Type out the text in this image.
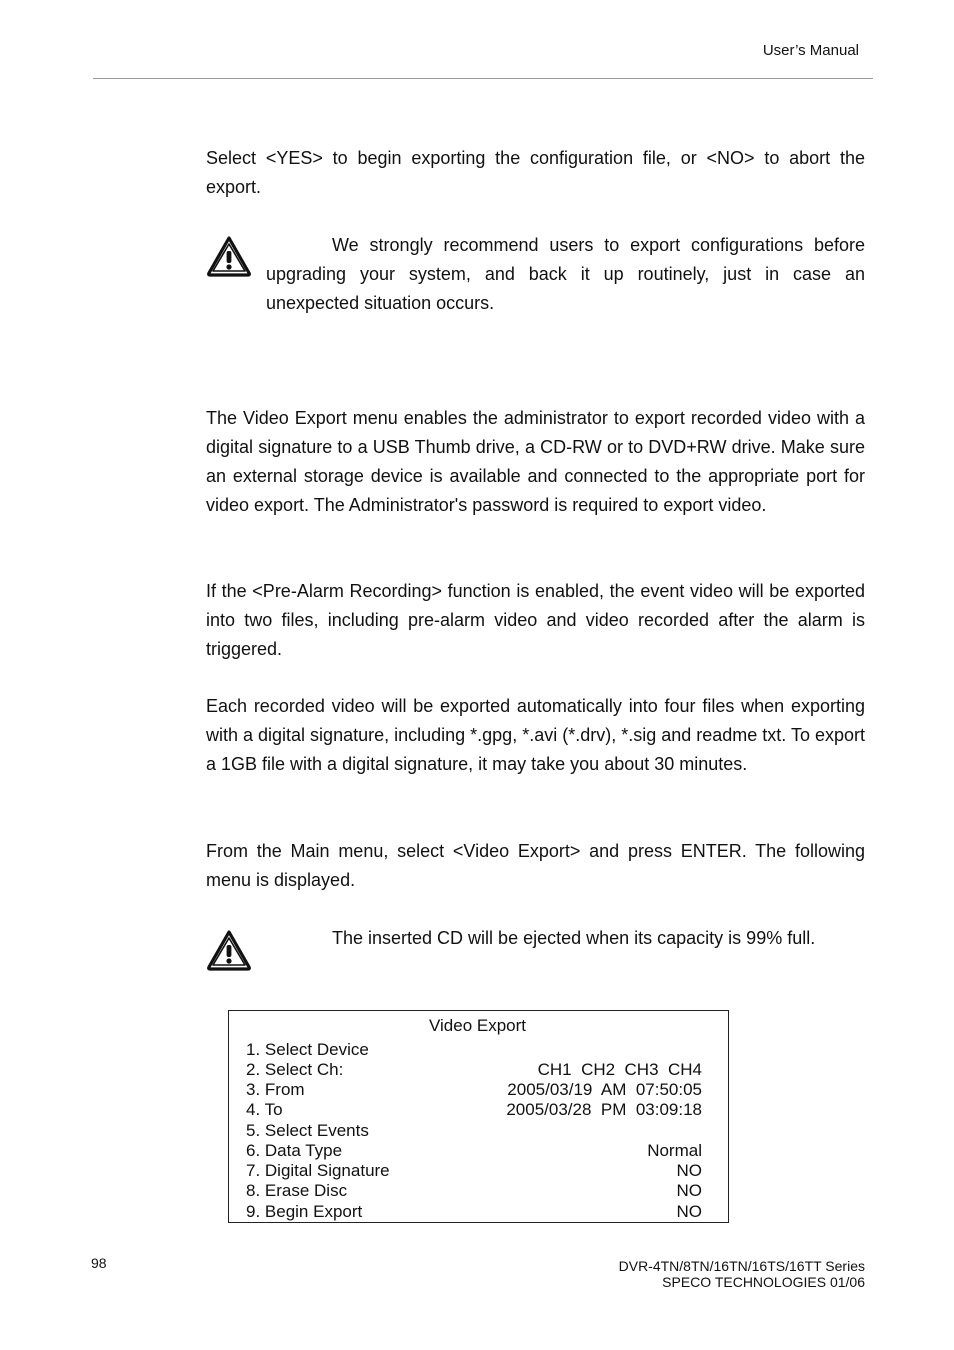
User’s Manual

Select <YES> to begin exporting the configuration file, or <NO> to abort the export.

We strongly recommend users to export configurations before upgrading your system, and back it up routinely, just in case an unexpected situation occurs.

The Video Export menu enables the administrator to export recorded video with a digital signature to a USB Thumb drive, a CD-RW or to DVD+RW drive. Make sure an external storage device is available and connected to the appropriate port for video export. The Administrator's password is required to export video.

If the <Pre-Alarm Recording> function is enabled, the event video will be exported into two files, including pre-alarm video and video recorded after the alarm is triggered.

Each recorded video will be exported automatically into four files when exporting with a digital signature, including *.gpg, *.avi (*.drv), *.sig and readme txt. To export a 1GB file with a digital signature, it may take you about 30 minutes.

From the Main menu, select <Video Export> and press ENTER. The following menu is displayed.

The inserted CD will be ejected when its capacity is 99% full.

Video Export
1. Select Device
2. Select Ch:	CH1  CH2  CH3  CH4
3. From	2005/03/19  AM  07:50:05
4. To	2005/03/28  PM  03:09:18
5. Select Events
6. Data Type	Normal
7. Digital Signature	NO
8. Erase Disc	NO
9. Begin Export	NO
98	DVR-4TN/8TN/16TN/16TS/16TT Series
SPECO TECHNOLOGIES 01/06
